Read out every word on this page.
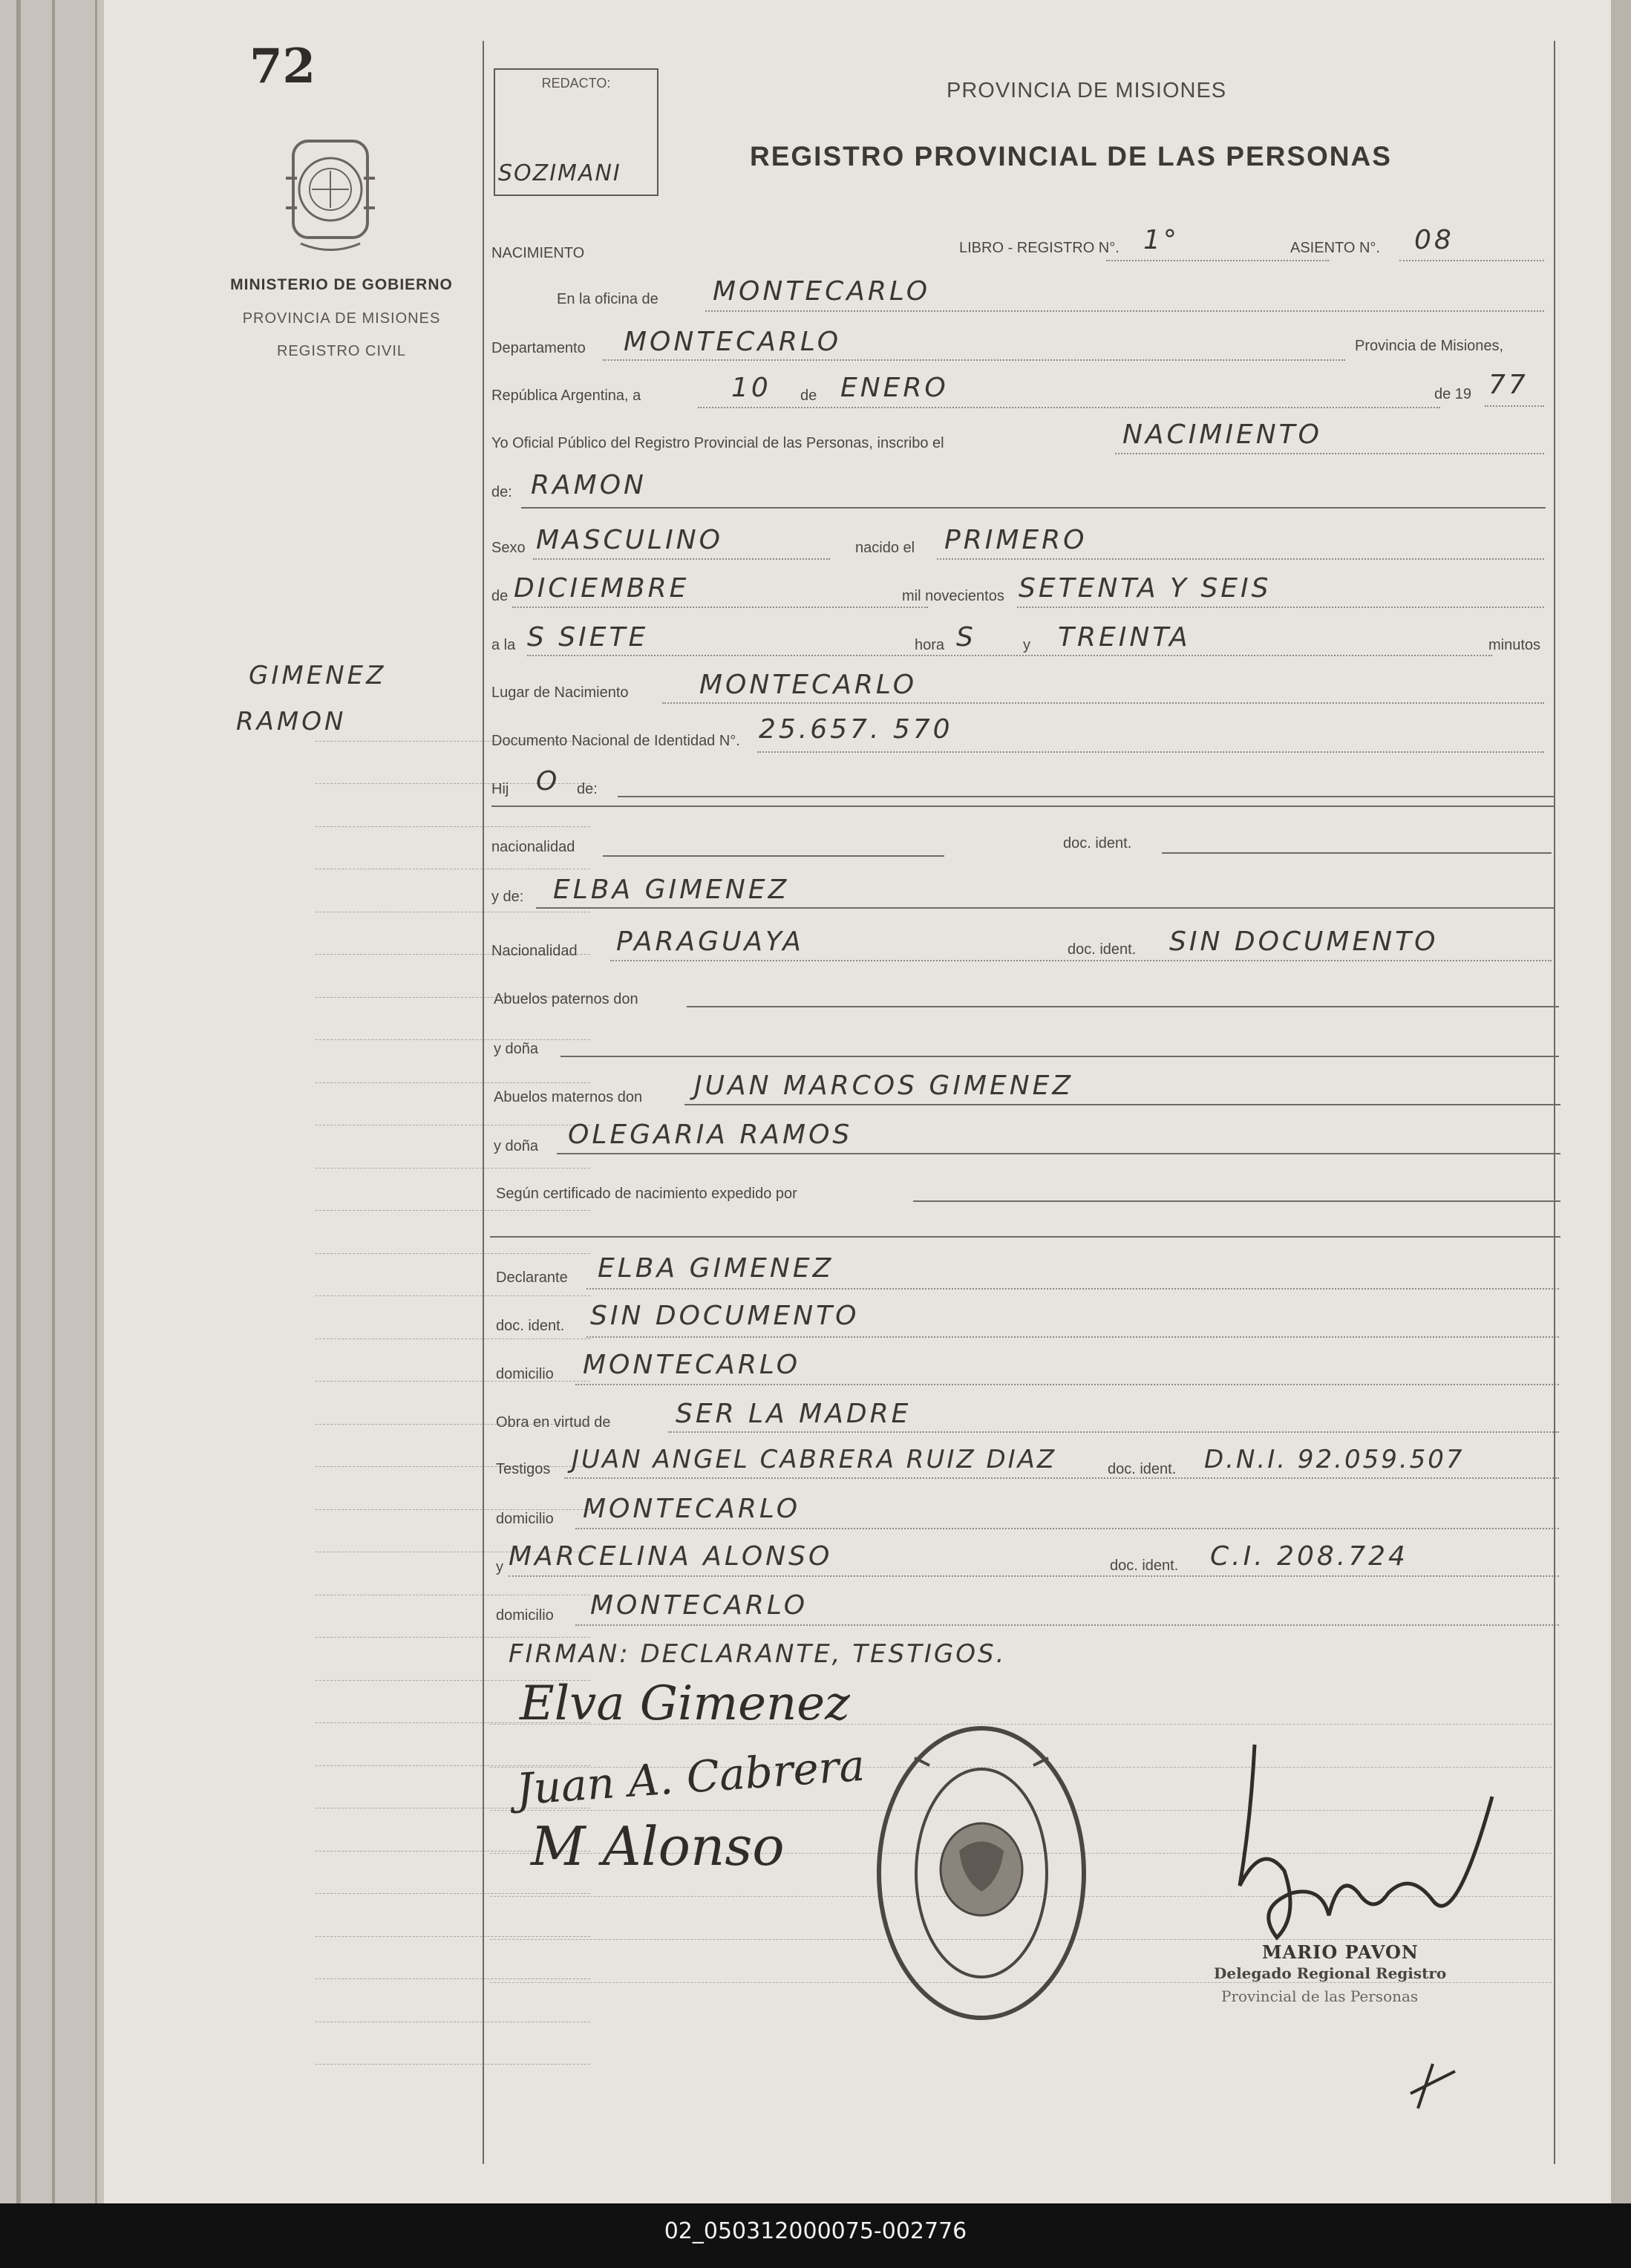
72
MINISTERIO DE GOBIERNO
PROVINCIA DE MISIONES
REGISTRO CIVIL
GIMENEZ
RAMON
REDACTO:
SOZIMANI
PROVINCIA DE MISIONES
REGISTRO PROVINCIAL DE LAS PERSONAS
NACIMIENTO	LIBRO - REGISTRO N°. 1°	ASIENTO N°. 08
En la oficina de MONTECARLO
Departamento MONTECARLO	Provincia de Misiones,
República Argentina, a	10 de ENERO	de 19 77
Yo Oficial Público del Registro Provincial de las Personas, inscribo el	NACIMIENTO
de: RAMON
Sexo MASCULINO	nacido el PRIMERO
de DICIEMBRE	mil novecientos SETENTA Y SEIS
a la S SIETE	hora S	y TREINTA	minutos
Lugar de Nacimiento	MONTECARLO
Documento Nacional de Identidad N°. 25.657. 570
Hij O de:
nacionalidad	doc. ident.
y de: ELBA GIMENEZ
Nacionalidad PARAGUAYA	doc. ident. SIN DOCUMENTO
Abuelos paternos don
y doña
Abuelos maternos don JUAN MARCOS GIMENEZ
y doña OLEGARIA RAMOS
Según certificado de nacimiento expedido por
Declarante ELBA GIMENEZ
doc. ident. SIN DOCUMENTO
domicilio MONTECARLO
Obra en virtud de SER LA MADRE
Testigos JUAN ANGEL CABRERA RUIZ DIAZ	doc. ident. D.N.I. 92.059.507
domicilio MONTECARLO
y MARCELINA ALONSO	doc. ident. C.I. 208.724
domicilio MONTECARLO
FIRMAN: DECLARANTE, TESTIGOS.
Elva Gimenez
Juan A. Cabrera
M Alonso
MARIO PAVON
Delegado Regional Registro
Provincial de las Personas
02_050312000075-002776
